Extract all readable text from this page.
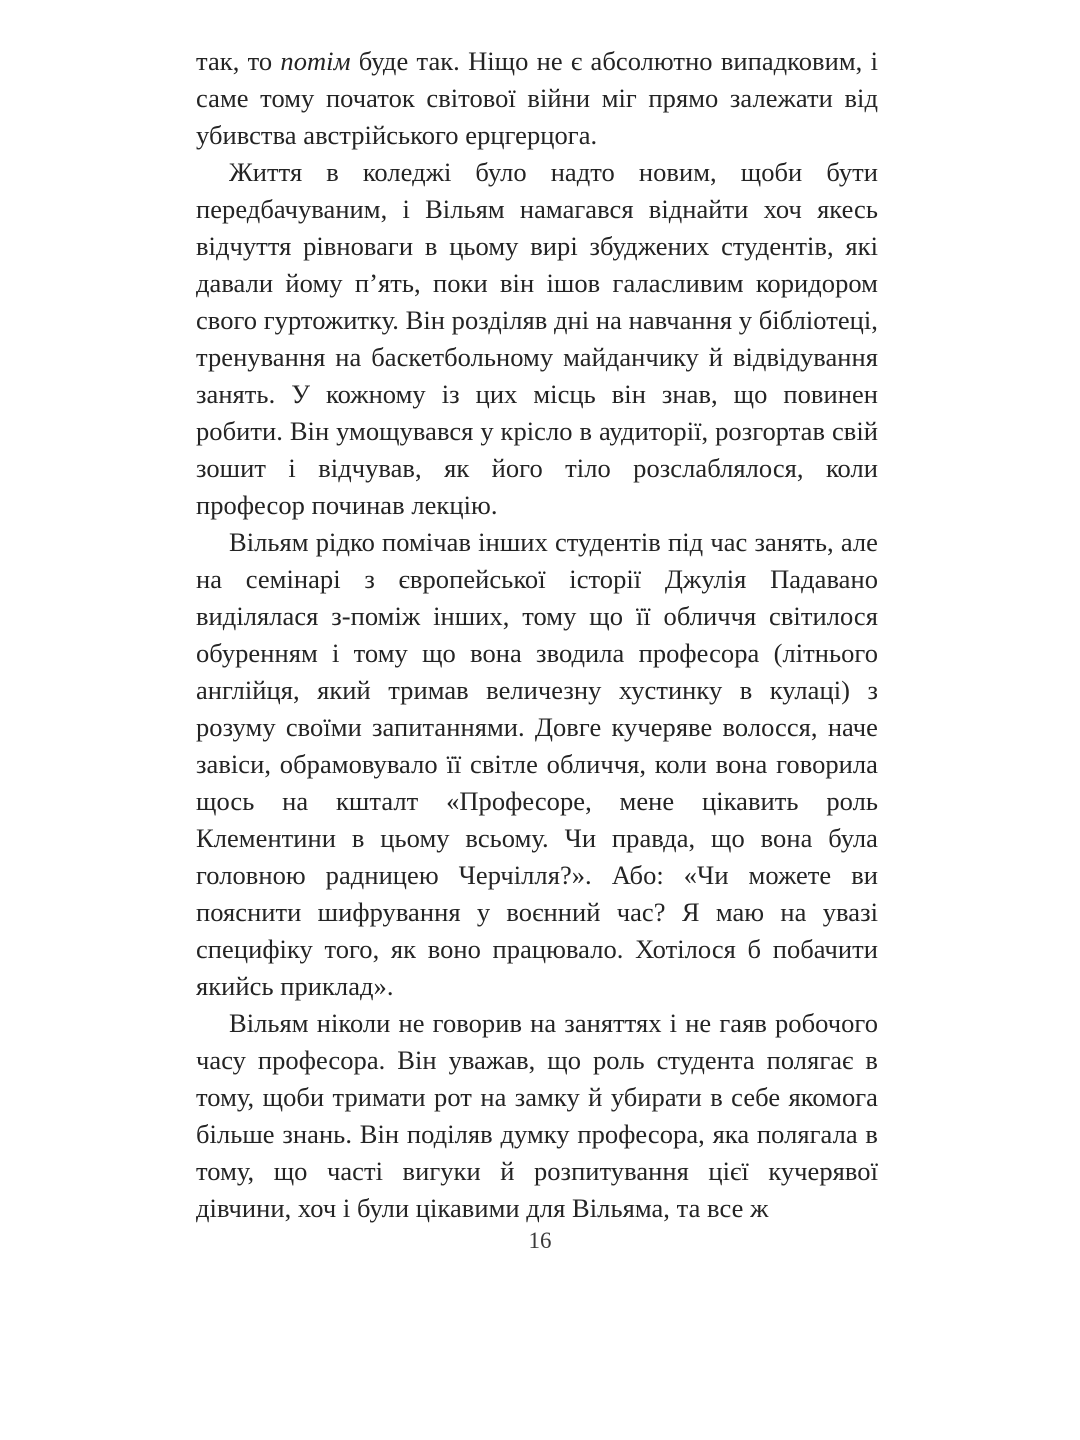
так, то потім буде так. Ніщо не є абсолютно випадковим, і саме тому початок світової війни міг прямо залежати від убивства австрійського ерцгерцога.

Життя в коледжі було надто новим, щоби бути передбачуваним, і Вільям намагався віднайти хоч якесь відчуття рівноваги в цьому вирі збуджених студентів, які давали йому п’ять, поки він ішов галасливим коридором свого гуртожитку. Він розділяв дні на навчання у бібліотеці, тренування на баскетбольному майданчику й відвідування занять. У кожному із цих місць він знав, що повинен робити. Він умощувався у крісло в аудиторії, розгортав свій зошит і відчував, як його тіло розслаблялося, коли професор починав лекцію.

Вільям рідко помічав інших студентів під час занять, але на семінарі з європейської історії Джулія Падавано виділялася з-поміж інших, тому що її обличчя світилося обуренням і тому що вона зводила професора (літнього англійця, який тримав величезну хустинку в кулаці) з розуму своїми запитаннями. Довге кучеряве волосся, наче завіси, обрамовувало її світле обличчя, коли вона говорила щось на кшталт «Професоре, мене цікавить роль Клементини в цьому всьому. Чи правда, що вона була головною радницею Черчілля?». Або: «Чи можете ви пояснити шифрування у воєнний час? Я маю на увазі специфіку того, як воно працювало. Хотілося б побачити якийсь приклад».

Вільям ніколи не говорив на заняттях і не гаяв робочого часу професора. Він уважав, що роль студента полягає в тому, щоби тримати рот на замку й убирати в себе якомога більше знань. Він поділяв думку професора, яка полягала в тому, що часті вигуки й розпитування цієї кучерявої дівчини, хоч і були цікавими для Вільяма, та все ж

16
